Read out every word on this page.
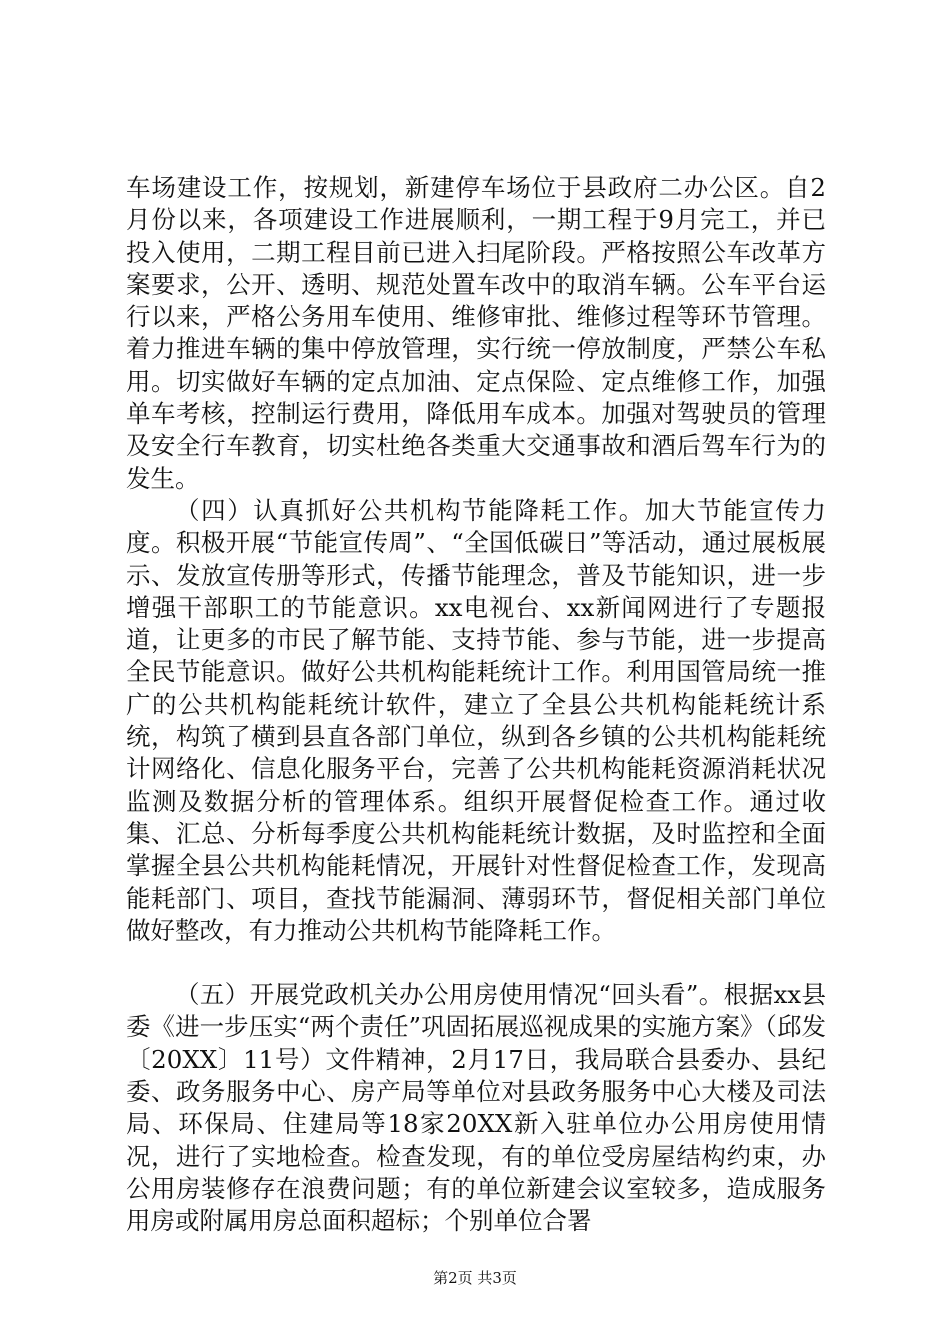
车场建设工作，按规划，新建停车场位于县政府二办公区。自2月份以来，各项建设工作进展顺利，一期工程于9月完工，并已投入使用，二期工程目前已进入扫尾阶段。严格按照公车改革方案要求，公开、透明、规范处置车改中的取消车辆。公车平台运行以来，严格公务用车使用、维修审批、维修过程等环节管理。着力推进车辆的集中停放管理，实行统一停放制度，严禁公车私用。切实做好车辆的定点加油、定点保险、定点维修工作，加强单车考核，控制运行费用，降低用车成本。加强对驾驶员的管理及安全行车教育，切实杜绝各类重大交通事故和酒后驾车行为的发生。

（四）认真抓好公共机构节能降耗工作。加大节能宣传力度。积极开展“节能宣传周”、“全国低碳日”等活动，通过展板展示、发放宣传册等形式，传播节能理念，普及节能知识，进一步增强干部职工的节能意识。xx电视台、xx新闻网进行了专题报道，让更多的市民了解节能、支持节能、参与节能，进一步提高全民节能意识。做好公共机构能耗统计工作。利用国管局统一推广的公共机构能耗统计软件，建立了全县公共机构能耗统计系统，构筑了横到县直各部门单位，纵到各乡镇的公共机构能耗统计网络化、信息化服务平台，完善了公共机构能耗资源消耗状况监测及数据分析的管理体系。组织开展督促检查工作。通过收集、汇总、分析每季度公共机构能耗统计数据，及时监控和全面掌握全县公共机构能耗情况，开展针对性督促检查工作，发现高能耗部门、项目，查找节能漏洞、薄弱环节，督促相关部门单位做好整改，有力推动公共机构节能降耗工作。

（五）开展党政机关办公用房使用情况“回头看”。根据xx县委《进一步压实“两个责任”巩固拓展巡视成果的实施方案》（邱发〔20XX〕11号）文件精神，2月17日，我局联合县委办、县纪委、政务服务中心、房产局等单位对县政务服务中心大楼及司法局、环保局、住建局等18家20XX新入驻单位办公用房使用情况，进行了实地检查。检查发现，有的单位受房屋结构约束，办公用房装修存在浪费问题；有的单位新建会议室较多，造成服务用房或附属用房总面积超标；个别单位合署

第2页 共3页
